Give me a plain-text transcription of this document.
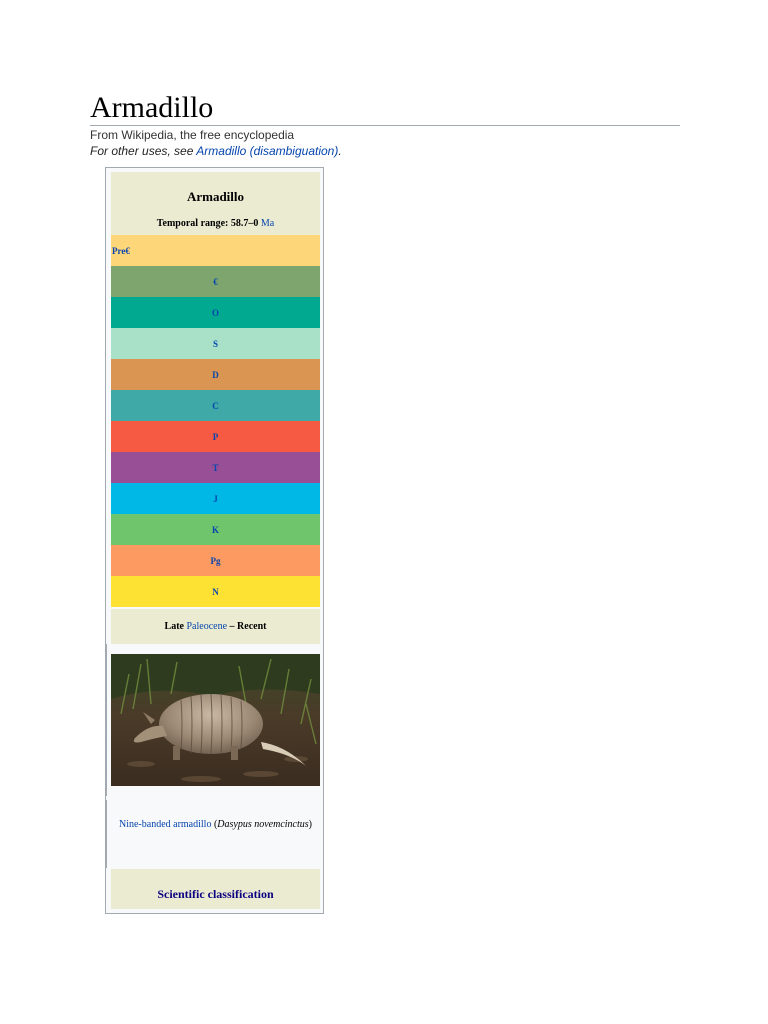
Armadillo
From Wikipedia, the free encyclopedia
For other uses, see Armadillo (disambiguation).
Armadillo
Temporal range: 58.7–0 Ma
Pre€
€
O
S
D
C
P
T
J
K
Pg
N
Late Paleocene – Recent
Nine-banded armadillo (Dasypus novemcinctus)
Scientific classification
